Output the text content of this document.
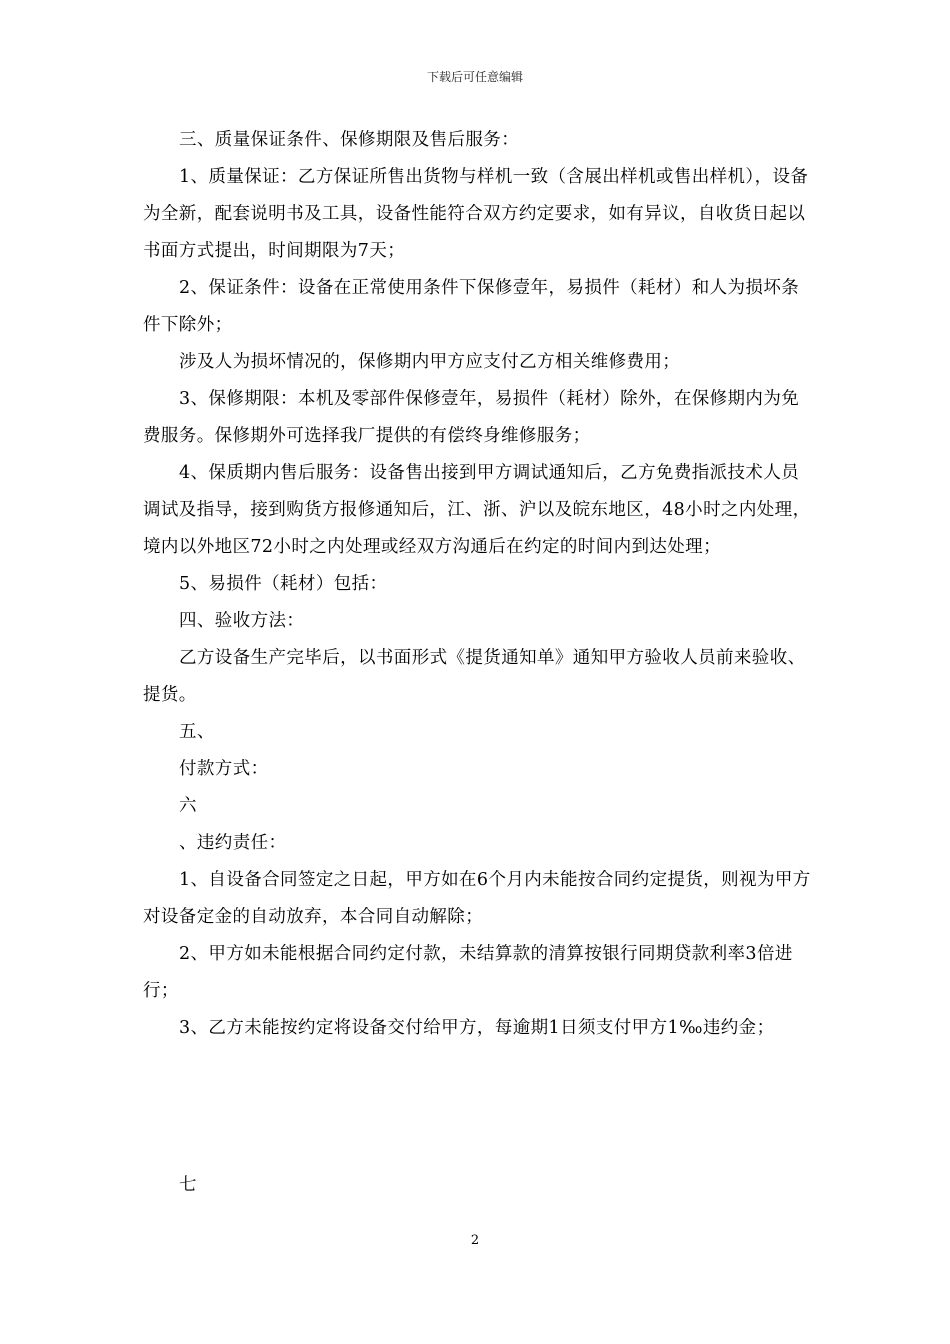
下载后可任意编辑

三、质量保证条件、保修期限及售后服务：

1、质量保证：乙方保证所售出货物与样机一致（含展出样机或售出样机），设备为全新，配套说明书及工具，设备性能符合双方约定要求，如有异议，自收货日起以书面方式提出，时间期限为7天；

2、保证条件：设备在正常使用条件下保修壹年，易损件（耗材）和人为损坏条件下除外；

涉及人为损坏情况的，保修期内甲方应支付乙方相关维修费用；

3、保修期限：本机及零部件保修壹年，易损件（耗材）除外，在保修期内为免费服务。保修期外可选择我厂提供的有偿终身维修服务；

4、保质期内售后服务：设备售出接到甲方调试通知后，乙方免费指派技术人员调试及指导，接到购货方报修通知后，江、浙、沪以及皖东地区，48小时之内处理，境内以外地区72小时之内处理或经双方沟通后在约定的时间内到达处理；

5、易损件（耗材）包括：

四、验收方法：

乙方设备生产完毕后，以书面形式《提货通知单》通知甲方验收人员前来验收、提货。

五、

付款方式：

六

、违约责任：

1、自设备合同签定之日起，甲方如在6个月内未能按合同约定提货，则视为甲方对设备定金的自动放弃，本合同自动解除；

2、甲方如未能根据合同约定付款，未结算款的清算按银行同期贷款利率3倍进行；

3、乙方未能按约定将设备交付给甲方，每逾期1日须支付甲方1‰违约金；

七
2
